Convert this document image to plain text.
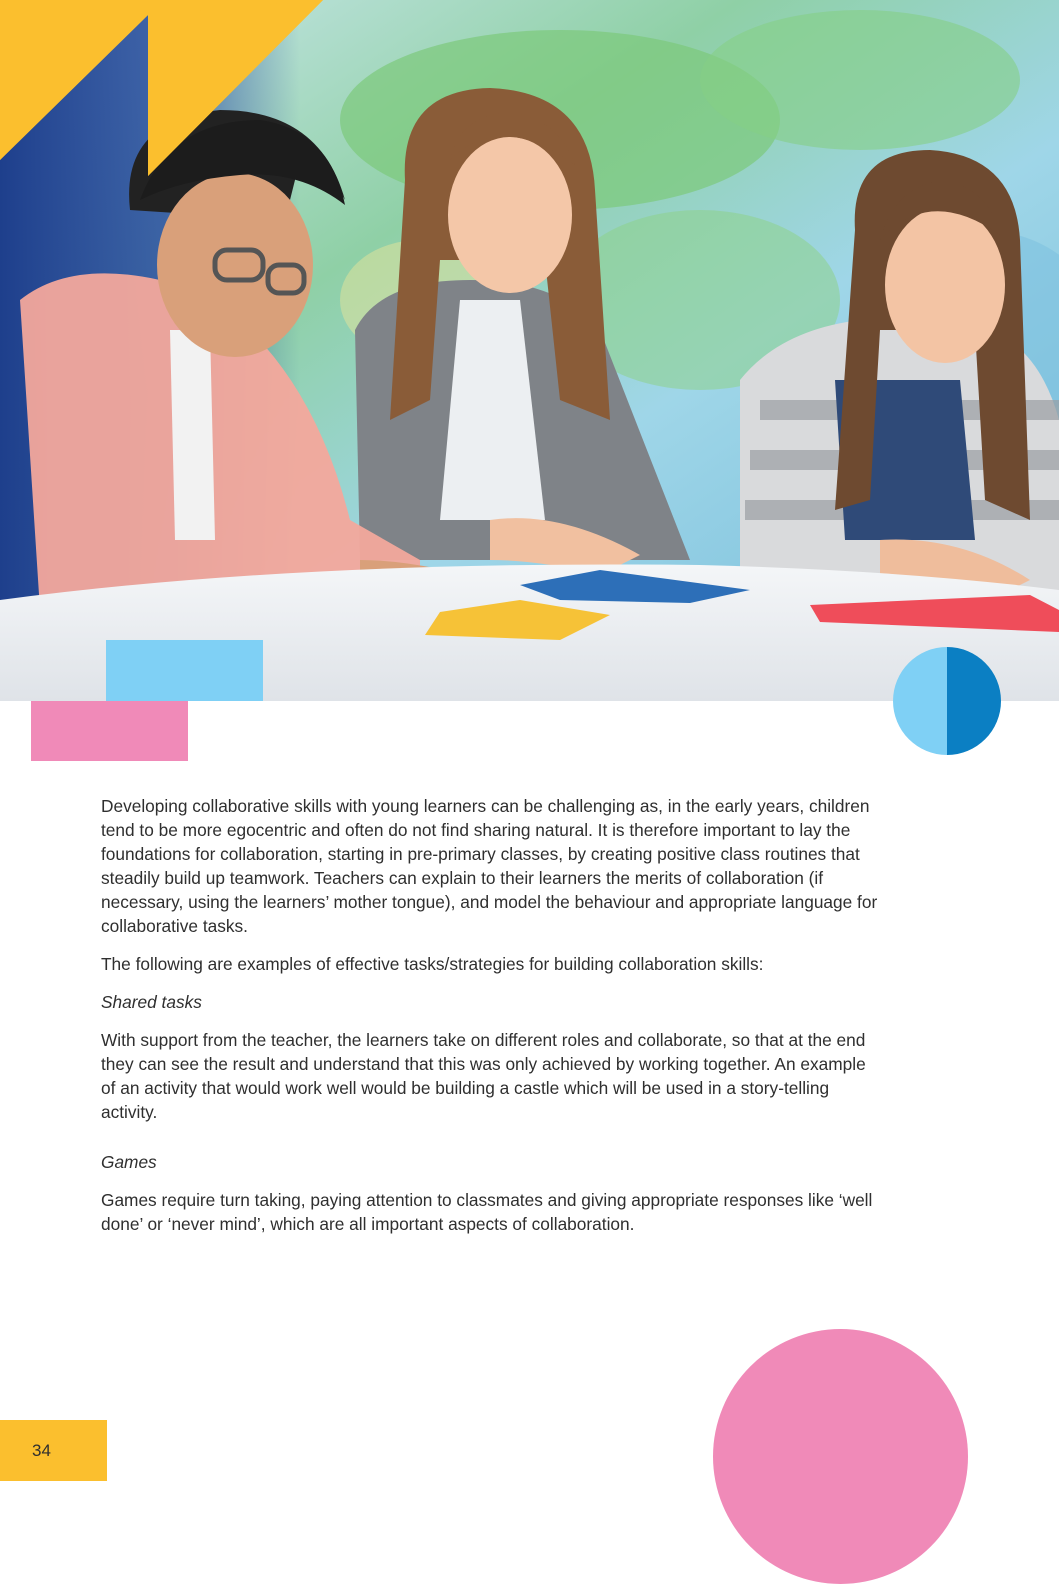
Developing collaborative skills with young learners can be challenging as, in the early years, children tend to be more egocentric and often do not find sharing natural. It is therefore important to lay the foundations for collaboration, starting in pre-primary classes, by creating positive class routines that steadily build up teamwork. Teachers can explain to their learners the merits of collaboration (if necessary, using the learners’ mother tongue), and model the behaviour and appropriate language for collaborative tasks.

The following are examples of effective tasks/strategies for building collaboration skills:

Shared tasks

With support from the teacher, the learners take on different roles and collaborate, so that at the end they can see the result and understand that this was only achieved by working together. An example of an activity that would work well would be building a castle which will be used in a story-telling activity.

Games

Games require turn taking, paying attention to classmates and giving appropriate responses like ‘well done’ or ‘never mind’, which are all important aspects of collaboration.

34
